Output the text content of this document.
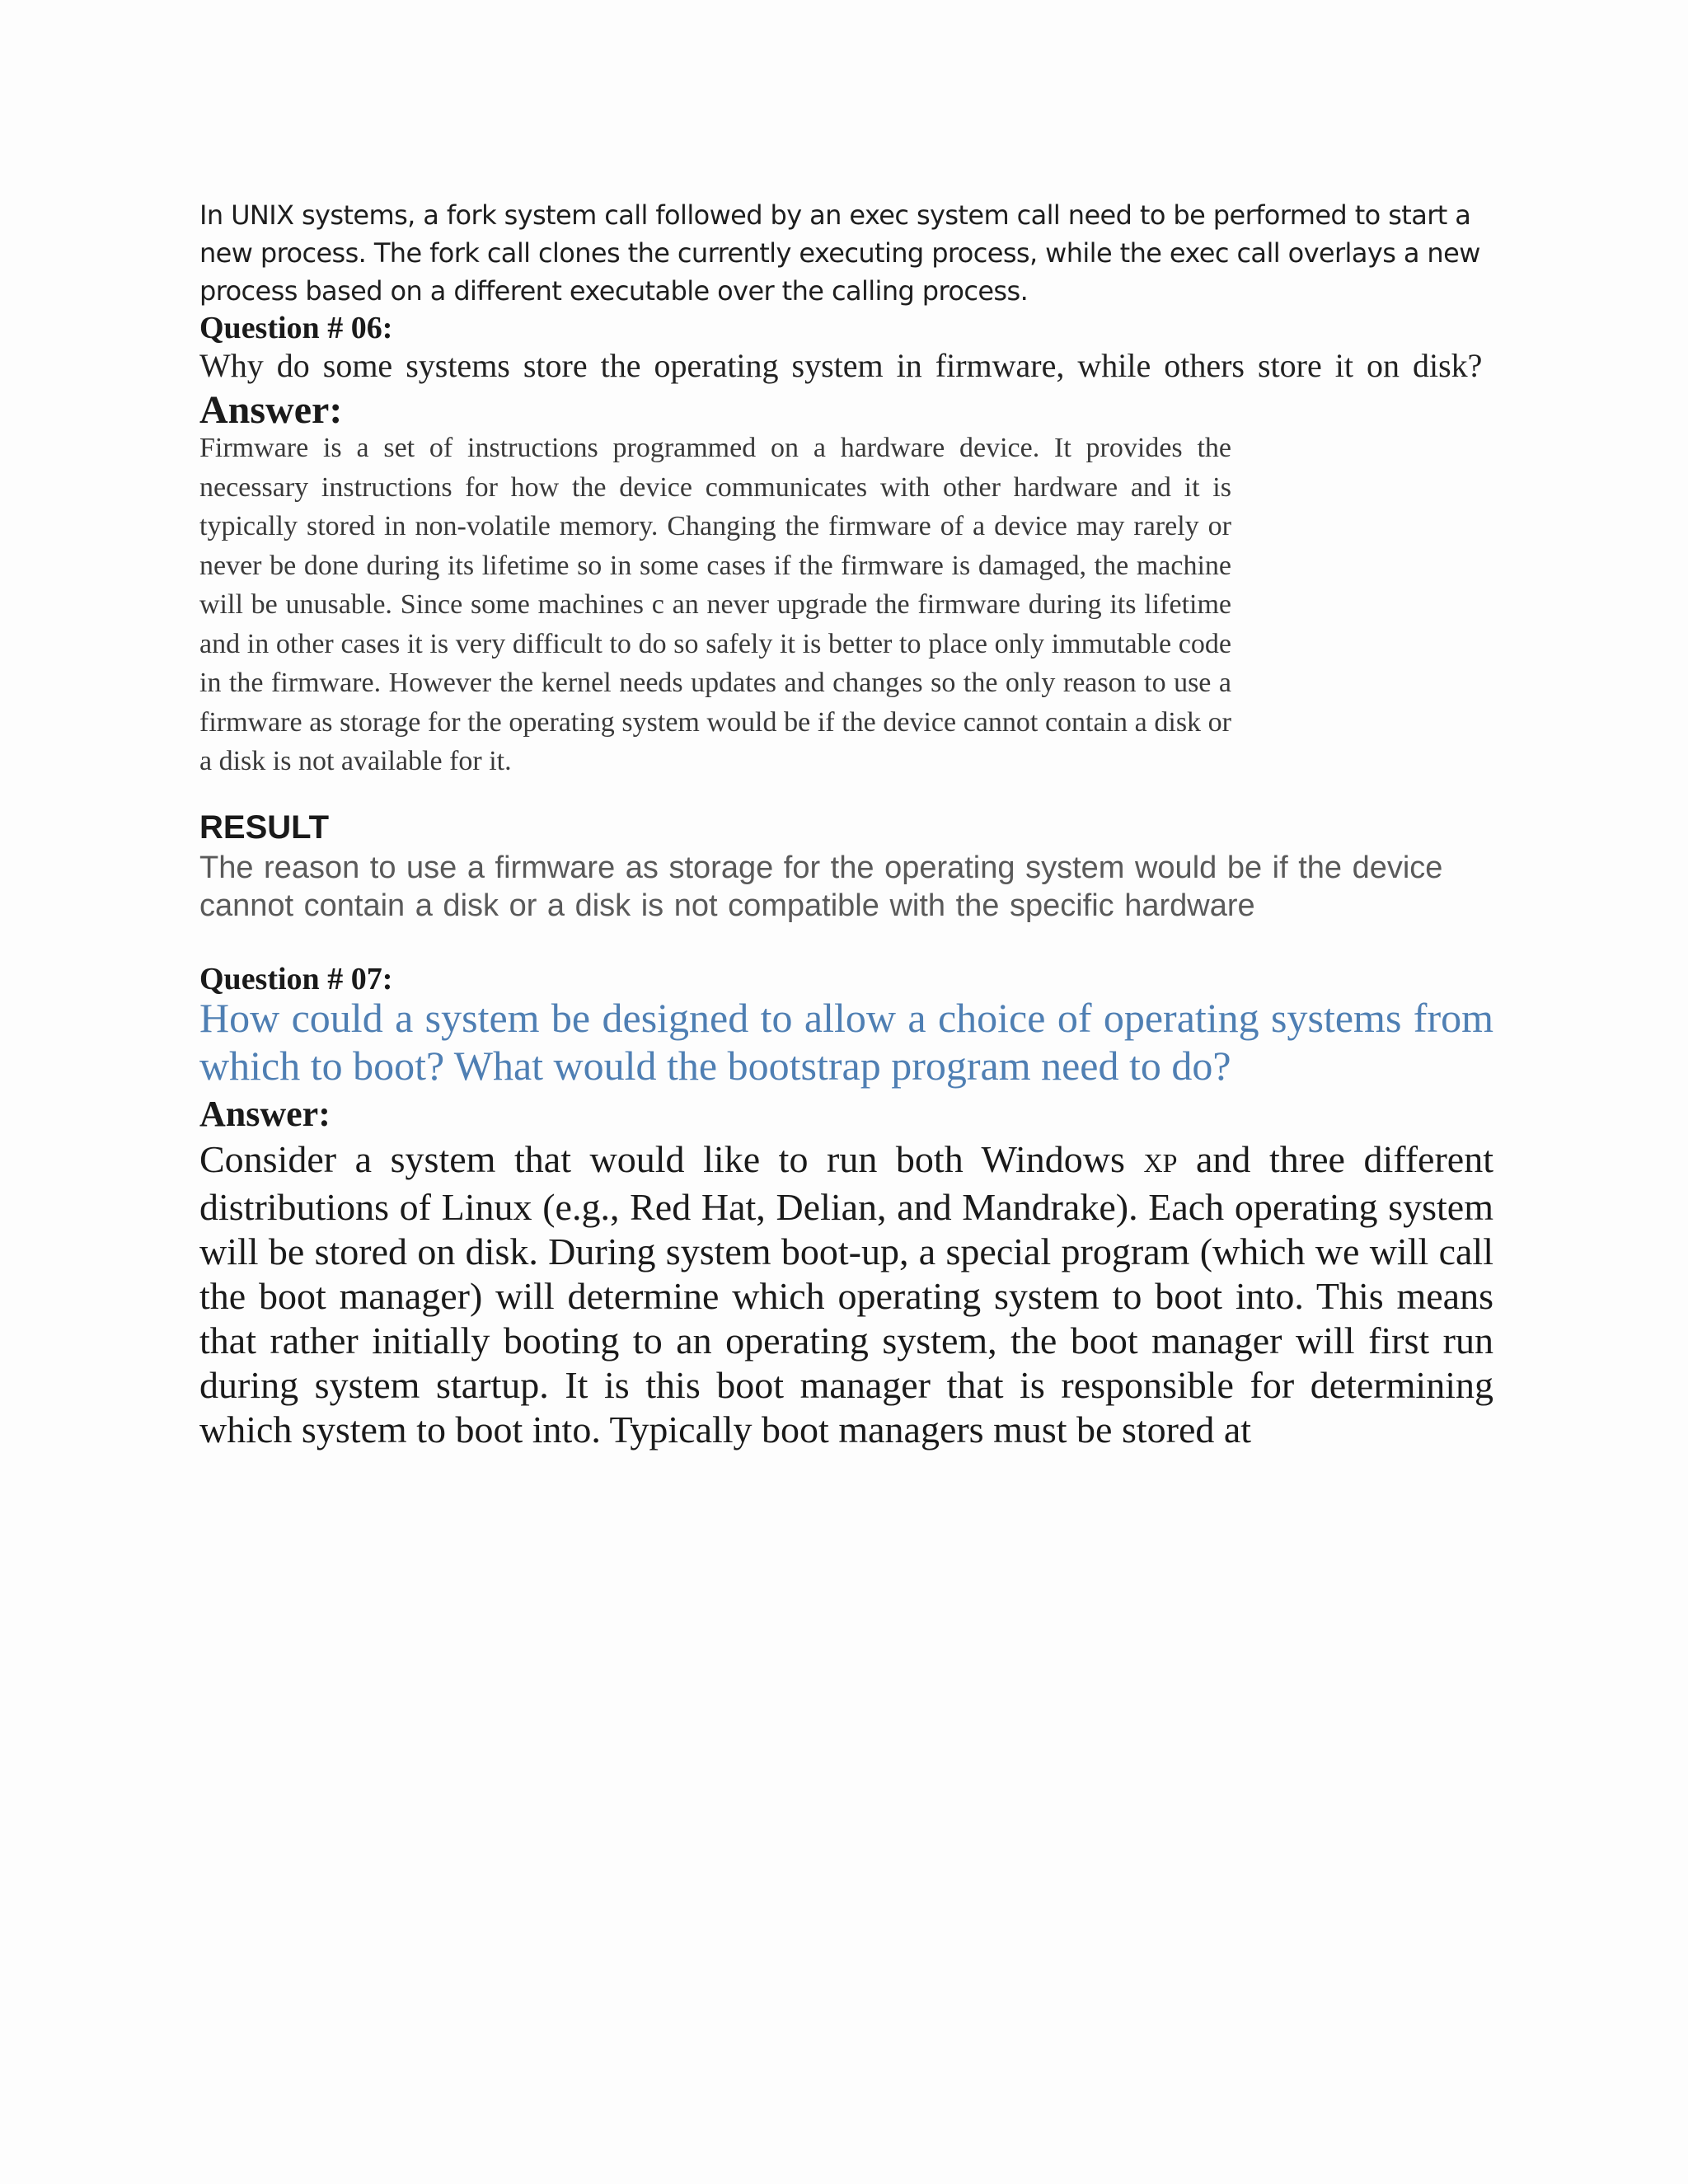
In UNIX systems, a fork system call followed by an exec system call need to be performed to start a new process. The fork call clones the currently executing process, while the exec call overlays a new process based on a different executable over the calling process.
Question # 06:
Why do some systems store the operating system in firmware, while others store it on disk?
Answer:
Firmware is a set of instructions programmed on a hardware device. It provides the necessary instructions for how the device communicates with other hardware and it is typically stored in non-volatile memory. Changing the firmware of a device may rarely or never be done during its lifetime so in some cases if the firmware is damaged, the machine will be unusable. Since some machines c an never upgrade the firmware during its lifetime and in other cases it is very difficult to do so safely it is better to place only immutable code in the firmware. However the kernel needs updates and changes so the only reason to use a firmware as storage for the operating system would be if the device cannot contain a disk or a disk is not available for it.
RESULT
The reason to use a firmware as storage for the operating system would be if the device cannot contain a disk or a disk is not compatible with the specific hardware
Question # 07:
How could a system be designed to allow a choice of operating systems from which to boot? What would the bootstrap program need to do?
Answer:
Consider a system that would like to run both Windows XP and three different distributions of Linux (e.g., Red Hat, Delian, and Mandrake). Each operating system will be stored on disk. During system boot-up, a special program (which we will call the boot manager) will determine which operating system to boot into. This means that rather initially booting to an operating system, the boot manager will first run during system startup. It is this boot manager that is responsible for determining which system to boot into. Typically boot managers must be stored at
